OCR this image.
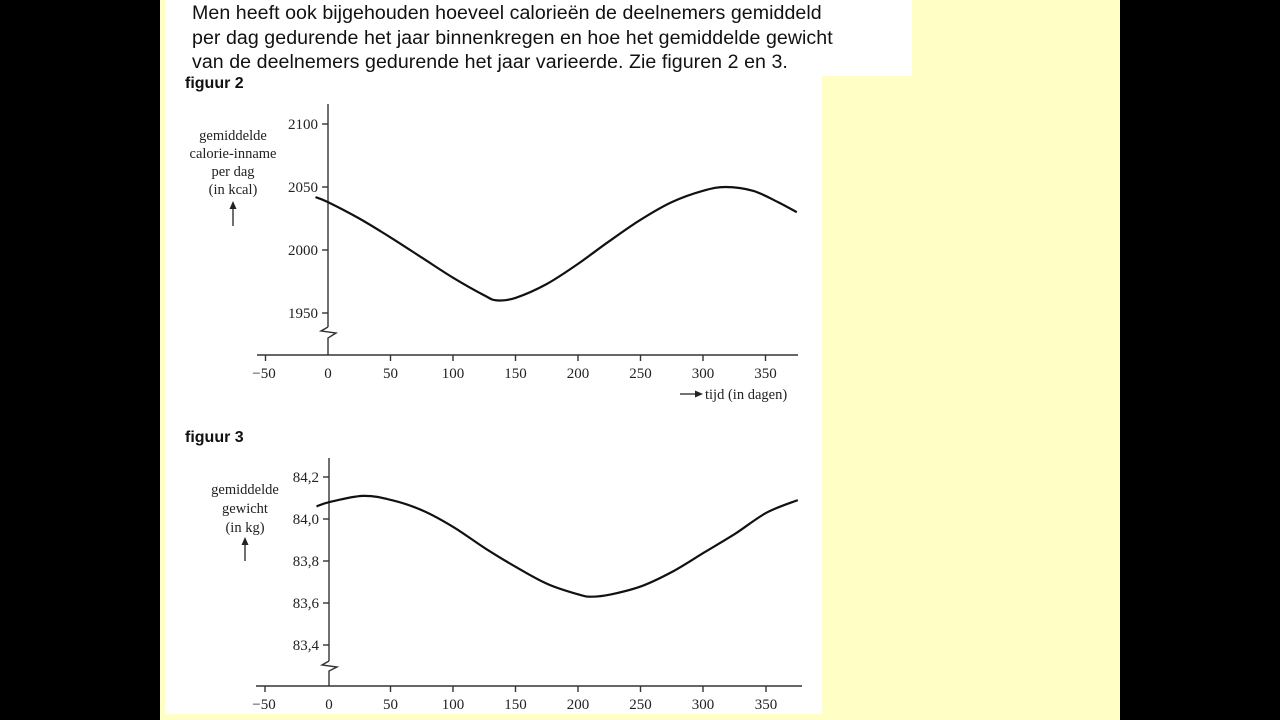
Men heeft ook bijgehouden hoeveel calorieën de deelnemers gemiddeld
per dag gedurende het jaar binnenkregen en hoe het gemiddelde gewicht
van de deelnemers gedurende het jaar varieerde. Zie figuren 2 en 3.

figuur 2
figuur 3
gemiddelde
calorie-inname
per dag
(in kcal)
2100
2050
2000
1950
−50	0	50	100	150	200	250	300	350
tijd (in dagen)
gemiddelde
gewicht
(in kg)
84,2
84,0
83,8
83,6
83,4
−50	0	50	100	150	200	250	300	350
